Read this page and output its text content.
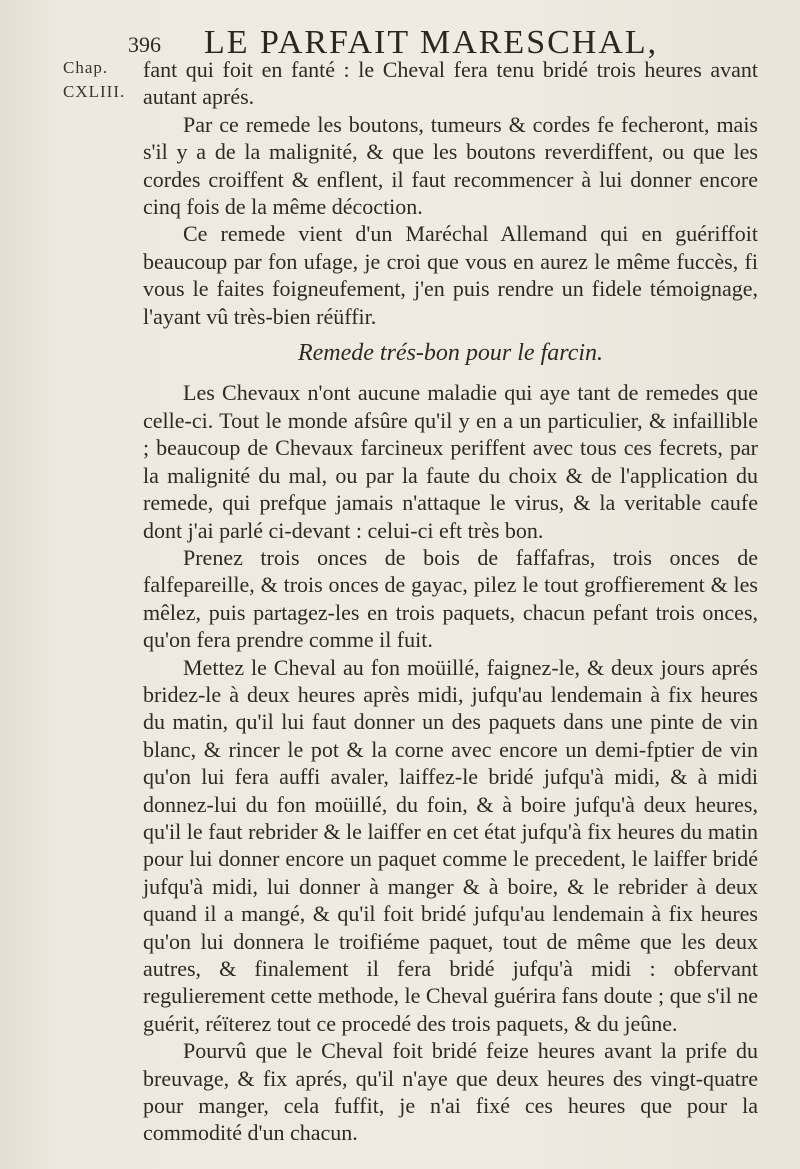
396 LE PARFAIT MARESCHAL,
Chap.
CXLIII.

fant qui foit en fanté : le Cheval fera tenu bridé trois heures avant autant aprés.

Par ce remede les boutons, tumeurs & cordes fe fecheront, mais s'il y a de la malignité, & que les boutons reverdiffent, ou que les cordes croiffent & enflent, il faut recommencer à lui donner encore cinq fois de la même décoction.

Ce remede vient d'un Maréchal Allemand qui en guériffoit beaucoup par fon ufage, je croi que vous en aurez le même fuccès, fi vous le faites foigneufement, j'en puis rendre un fidele témoignage, l'ayant vû très-bien réüffir.

Remede trés-bon pour le farcin.

Les Chevaux n'ont aucune maladie qui aye tant de remedes que celle-ci. Tout le monde afsûre qu'il y en a un particulier, & infaillible ; beaucoup de Chevaux farcineux periffent avec tous ces fecrets, par la malignité du mal, ou par la faute du choix & de l'application du remede, qui prefque jamais n'attaque le virus, & la veritable caufe dont j'ai parlé ci-devant : celui-ci eft très bon.

Prenez trois onces de bois de faffafras, trois onces de falfepareille, & trois onces de gayac, pilez le tout groffierement & les mêlez, puis partagez-les en trois paquets, chacun pefant trois onces, qu'on fera prendre comme il fuit.

Mettez le Cheval au fon moüillé, faignez-le, & deux jours aprés bridez-le à deux heures après midi, jufqu'au lendemain à fix heures du matin, qu'il lui faut donner un des paquets dans une pinte de vin blanc, & rincer le pot & la corne avec encore un demi-fptier de vin qu'on lui fera auffi avaler, laiffez-le bridé jufqu'à midi, & à midi donnez-lui du fon moüillé, du foin, & à boire jufqu'à deux heures, qu'il le faut rebrider & le laiffer en cet état jufqu'à fix heures du matin pour lui donner encore un paquet comme le precedent, le laiffer bridé jufqu'à midi, lui donner à manger & à boire, & le rebrider à deux quand il a mangé, & qu'il foit bridé jufqu'au lendemain à fix heures qu'on lui donnera le troifiéme paquet, tout de même que les deux autres, & finalement il fera bridé jufqu'à midi : obfervant regulierement cette methode, le Cheval guérira fans doute ; que s'il ne guérit, réïterez tout ce procedé des trois paquets, & du jeûne.

Pourvû que le Cheval foit bridé feize heures avant la prife du breuvage, & fix aprés, qu'il n'aye que deux heures des vingt-quatre pour manger, cela fuffit, je n'ai fixé ces heures que pour la commodité d'un chacun.
